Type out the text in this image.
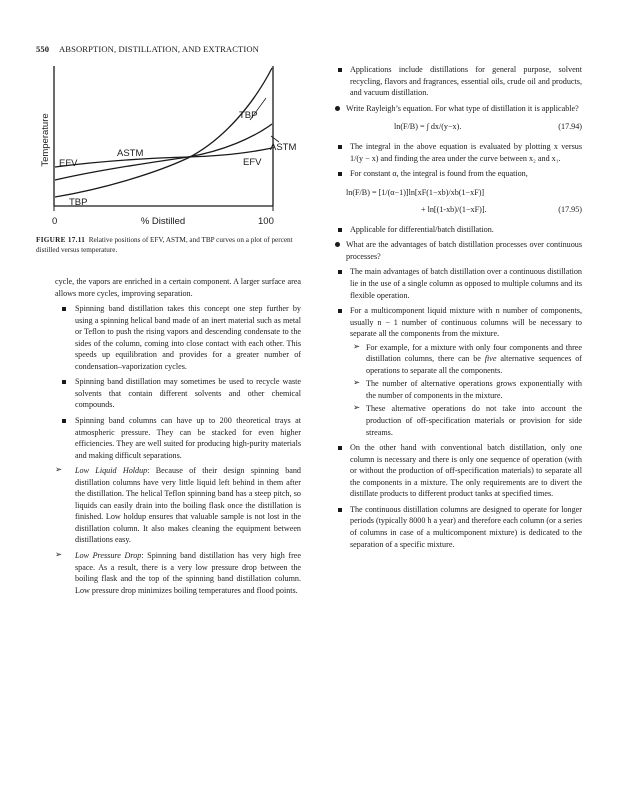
550 ABSORPTION, DISTILLATION, AND EXTRACTION
TBP
ASTM
ASTM
EFV	EFV
TBP
Temperature
0	% Distilled	100
FIGURE 17.11 Relative positions of EFV, ASTM, and TBP curves on a plot of percent distilled versus temperature.

cycle, the vapors are enriched in a certain component. A larger surface area allows more cycles, improving separation.

Spinning band distillation takes this concept one step further by using a spinning helical band made of an inert material such as metal or Teflon to push the rising vapors and descending condensate to the sides of the column, coming into close contact with each other. This speeds up equilibration and provides for a greater number of condensation–vaporization cycles.
Spinning band distillation may sometimes be used to recycle waste solvents that contain different solvents and other chemical compounds.
Spinning band columns can have up to 200 theoretical trays at atmospheric pressure. They can be stacked for even higher efficiencies. They are well suited for producing high-purity materials and making difficult separations.
➢ Low Liquid Holdup: Because of their design spinning band distillation columns have very little liquid left behind in them after the distillation. The helical Teflon spinning band has a steep pitch, so liquids can easily drain into the boiling flask once the distillation is finished. Low holdup ensures that valuable sample is not lost in the distillation column. It also makes cleaning the equipment between distillations easy.
➢ Low Pressure Drop: Spinning band distillation has very high free space. As a result, there is a very low pressure drop between the boiling flask and the top of the spinning band distillation column. Low pressure drop minimizes boiling temperatures and flood points.
Applications include distillations for general purpose, solvent recycling, flavors and fragrances, essential oils, crude oil and products, and vacuum distillation.
Write Rayleigh’s equation. For what type of distillation it is applicable?
ln(F/B) = ∫ dx/(y−x).	(17.94)
The integral in the above equation is evaluated by plotting x versus 1/(y − x) and finding the area under the curve between x₂ and x₁.
For constant α, the integral is found from the equation,
ln(F/B) = [1/(α−1)]ln[xF(1−xb)/xb(1−xF)]
+ ln[(1-xb)/(1−xF)].	(17.95)
Applicable for differential/batch distillation.
What are the advantages of batch distillation processes over continuous processes?
The main advantages of batch distillation over a continuous distillation lie in the use of a single column as opposed to multiple columns and its flexible operation.
For a multicomponent liquid mixture with n number of components, usually n − 1 number of continuous columns will be necessary to separate all the components from the mixture.
➢ For example, for a mixture with only four components and three distillation columns, there can be five alternative sequences of operations to separate all the components.
➢ The number of alternative operations grows exponentially with the number of components in the mixture.
➢ These alternative operations do not take into account the production of off-specification materials or provision for side streams.
On the other hand with conventional batch distillation, only one column is necessary and there is only one sequence of operation (with or without the production of off-specification materials) to separate all the components in a mixture. The only requirements are to divert the distillate products to different product tanks at specified times.
The continuous distillation columns are designed to operate for longer periods (typically 8000 h a year) and therefore each column (or a series of columns in case of a multicomponent mixture) is dedicated to the separation of a specific mixture.
